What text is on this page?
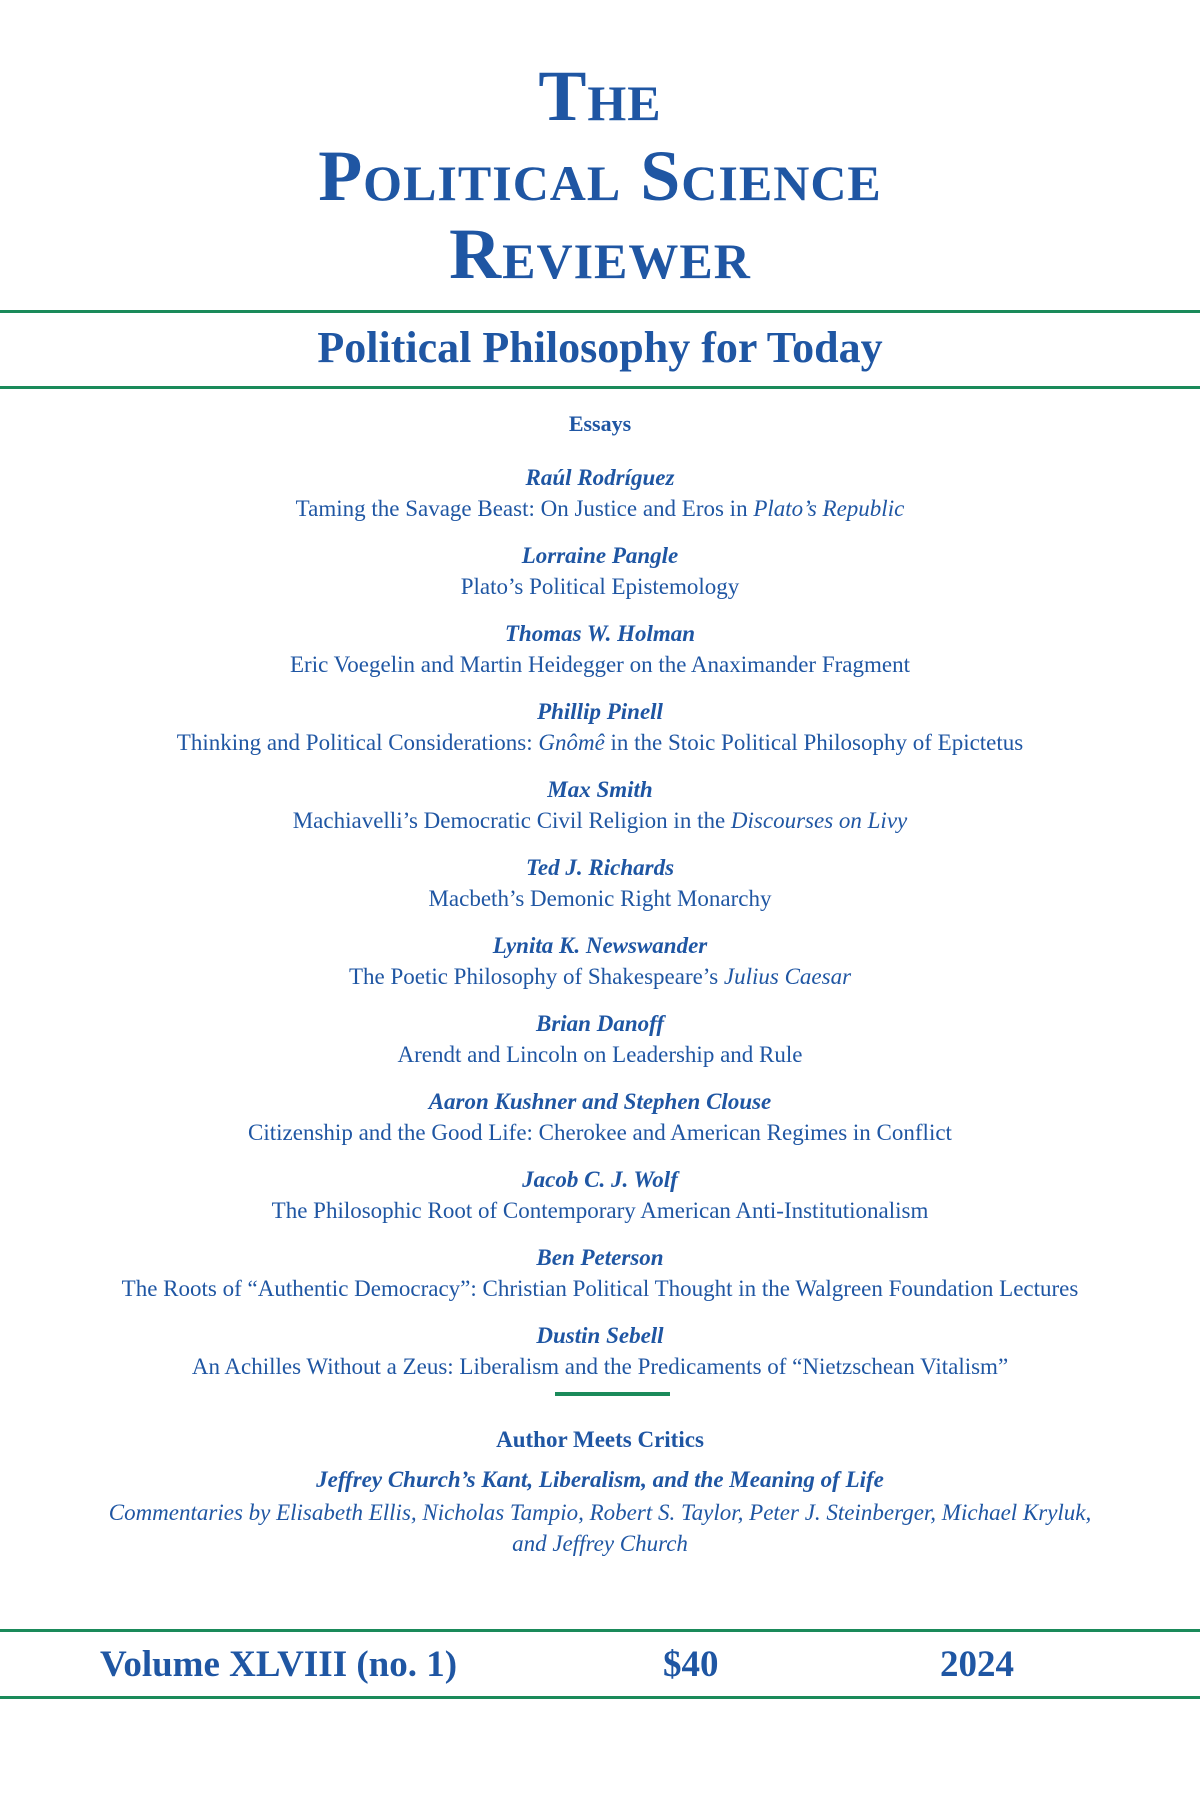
The
Political Science
Reviewer
Political Philosophy for Today
Essays
Raúl Rodríguez
Taming the Savage Beast: On Justice and Eros in Plato’s Republic
Lorraine Pangle
Plato’s Political Epistemology
Thomas W. Holman
Eric Voegelin and Martin Heidegger on the Anaximander Fragment
Phillip Pinell
Thinking and Political Considerations: Gnômê in the Stoic Political Philosophy of Epictetus
Max Smith
Machiavelli’s Democratic Civil Religion in the Discourses on Livy
Ted J. Richards
Macbeth’s Demonic Right Monarchy
Lynita K. Newswander
The Poetic Philosophy of Shakespeare’s Julius Caesar
Brian Danoff
Arendt and Lincoln on Leadership and Rule
Aaron Kushner and Stephen Clouse
Citizenship and the Good Life: Cherokee and American Regimes in Conflict
Jacob C. J. Wolf
The Philosophic Root of Contemporary American Anti-Institutionalism
Ben Peterson
The Roots of “Authentic Democracy”: Christian Political Thought in the Walgreen Foundation Lectures
Dustin Sebell
An Achilles Without a Zeus: Liberalism and the Predicaments of “Nietzschean Vitalism”
Author Meets Critics
Jeffrey Church’s Kant, Liberalism, and the Meaning of Life
Commentaries by Elisabeth Ellis, Nicholas Tampio, Robert S. Taylor, Peter J. Steinberger, Michael Kryluk, and Jeffrey Church
Volume XLVIII (no. 1)	$40	2024
